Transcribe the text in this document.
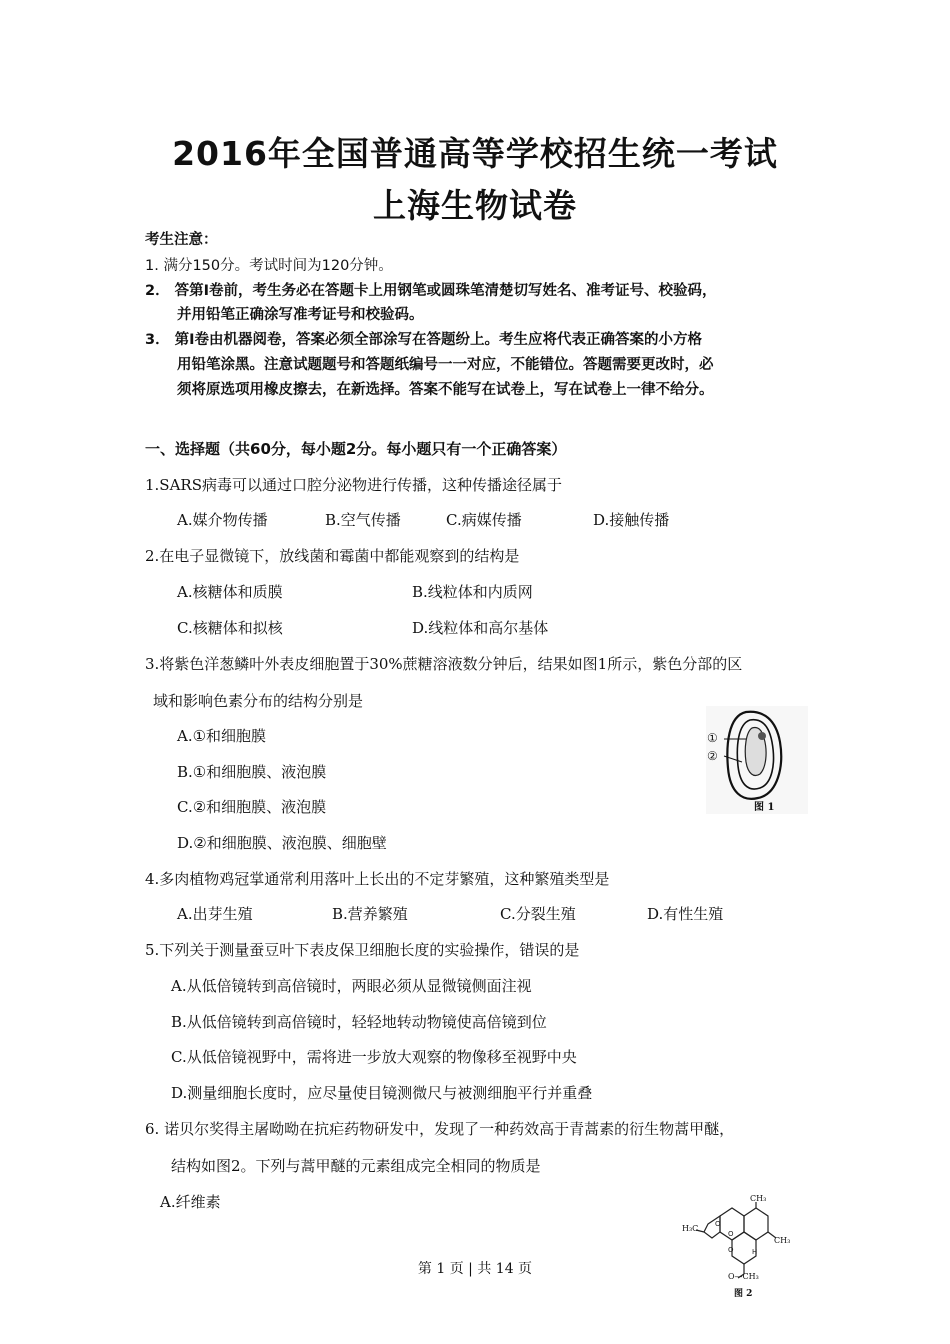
2016年全国普通高等学校招生统一考试
上海生物试卷
考生注意：
1. 满分150分。考试时间为120分钟。
2． 答第Ⅰ卷前，考生务必在答题卡上用钢笔或圆珠笔清楚切写姓名、准考证号、校验码，
并用铅笔正确涂写准考证号和校验码。
3． 第Ⅰ卷由机器阅卷，答案必须全部涂写在答题纷上。考生应将代表正确答案的小方格
用铅笔涂黑。注意试题题号和答题纸编号一一对应，不能错位。答题需要更改时，必
须将原选项用橡皮擦去，在新选择。答案不能写在试卷上，写在试卷上一律不给分。
一、选择题（共60分，每小题2分。每小题只有一个正确答案）
1.SARS病毒可以通过口腔分泌物进行传播，这种传播途径属于
A.媒介物传播	B.空气传播	C.病媒传播	D.接触传播
2.在电子显微镜下，放线菌和霉菌中都能观察到的结构是
A.核糖体和质膜	B.线粒体和内质网
C.核糖体和拟核	D.线粒体和高尔基体
3.将紫色洋葱鳞叶外表皮细胞置于30%蔗糖溶液数分钟后，结果如图1所示，紫色分部的区
域和影响色素分布的结构分别是
A.①和细胞膜
B.①和细胞膜、液泡膜
C.②和细胞膜、液泡膜
D.②和细胞膜、液泡膜、细胞壁
①
②
图 1
4.多肉植物鸡冠掌通常利用落叶上长出的不定芽繁殖，这种繁殖类型是
A.出芽生殖	B.营养繁殖	C.分裂生殖	D.有性生殖
5.下列关于测量蚕豆叶下表皮保卫细胞长度的实验操作，错误的是
A.从低倍镜转到高倍镜时，两眼必须从显微镜侧面注视
B.从低倍镜转到高倍镜时，轻轻地转动物镜使高倍镜到位
C.从低倍镜视野中，需将进一步放大观察的物像移至视野中央
D.测量细胞长度时，应尽量使目镜测微尺与被测细胞平行并重叠
6. 诺贝尔奖得主屠呦呦在抗疟药物研发中，发现了一种药效高于青蒿素的衍生物蒿甲醚，
结构如图2。下列与蒿甲醚的元素组成完全相同的物质是
A.纤维素
O
O
O	H
CH₃
H₃C
CH₃
O—CH₃
图 2
第 1 页 | 共 14 页
